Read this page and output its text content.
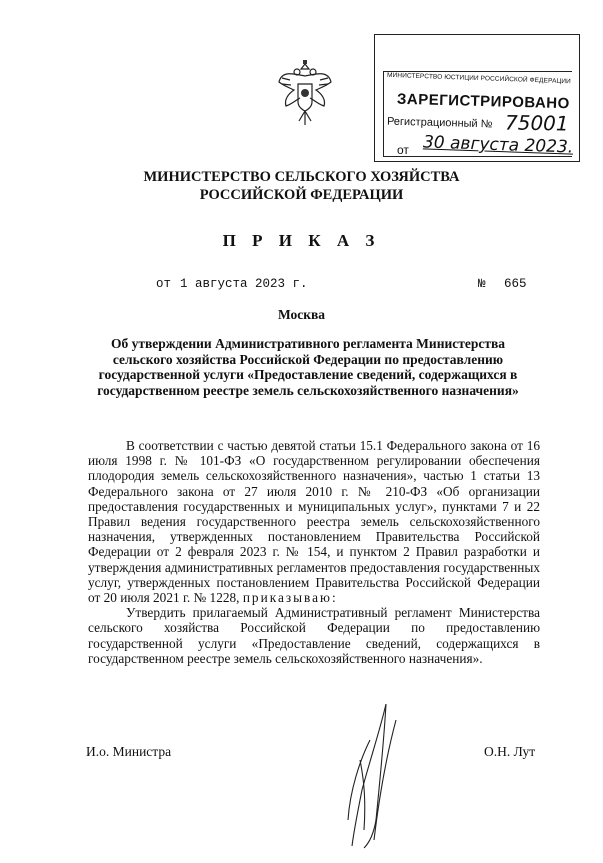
МИНИСТЕРСТВО ЮСТИЦИИ РОССИЙСКОЙ ФЕДЕРАЦИИ
ЗАРЕГИСТРИРОВАНО
Регистрационный № 75001
от 30 августа 2023.
МИНИСТЕРСТВО СЕЛЬСКОГО ХОЗЯЙСТВА
РОССИЙСКОЙ ФЕДЕРАЦИИ
П Р И К А З
от 1 августа 2023 г.	№ 665
Москва
Об утверждении Административного регламента Министерства сельского хозяйства Российской Федерации по предоставлению государственной услуги «Предоставление сведений, содержащихся в государственном реестре земель сельскохозяйственного назначения»

В соответствии с частью девятой статьи 15.1 Федерального закона от 16 июля 1998 г. № 101-ФЗ «О государственном регулировании обеспечения плодородия земель сельскохозяйственного назначения», частью 1 статьи 13 Федерального закона от 27 июля 2010 г. № 210-ФЗ «Об организации предоставления государственных и муниципальных услуг», пунктами 7 и 22 Правил ведения государственного реестра земель сельскохозяйственного назначения, утвержденных постановлением Правительства Российской Федерации от 2 февраля 2023 г. № 154, и пунктом 2 Правил разработки и утверждения административных регламентов предоставления государственных услуг, утвержденных постановлением Правительства Российской Федерации от 20 июля 2021 г. № 1228, приказываю:

Утвердить прилагаемый Административный регламент Министерства сельского хозяйства Российской Федерации по предоставлению государственной услуги «Предоставление сведений, содержащихся в государственном реестре земель сельскохозяйственного назначения».

И.о. Министра	О.Н. Лут
